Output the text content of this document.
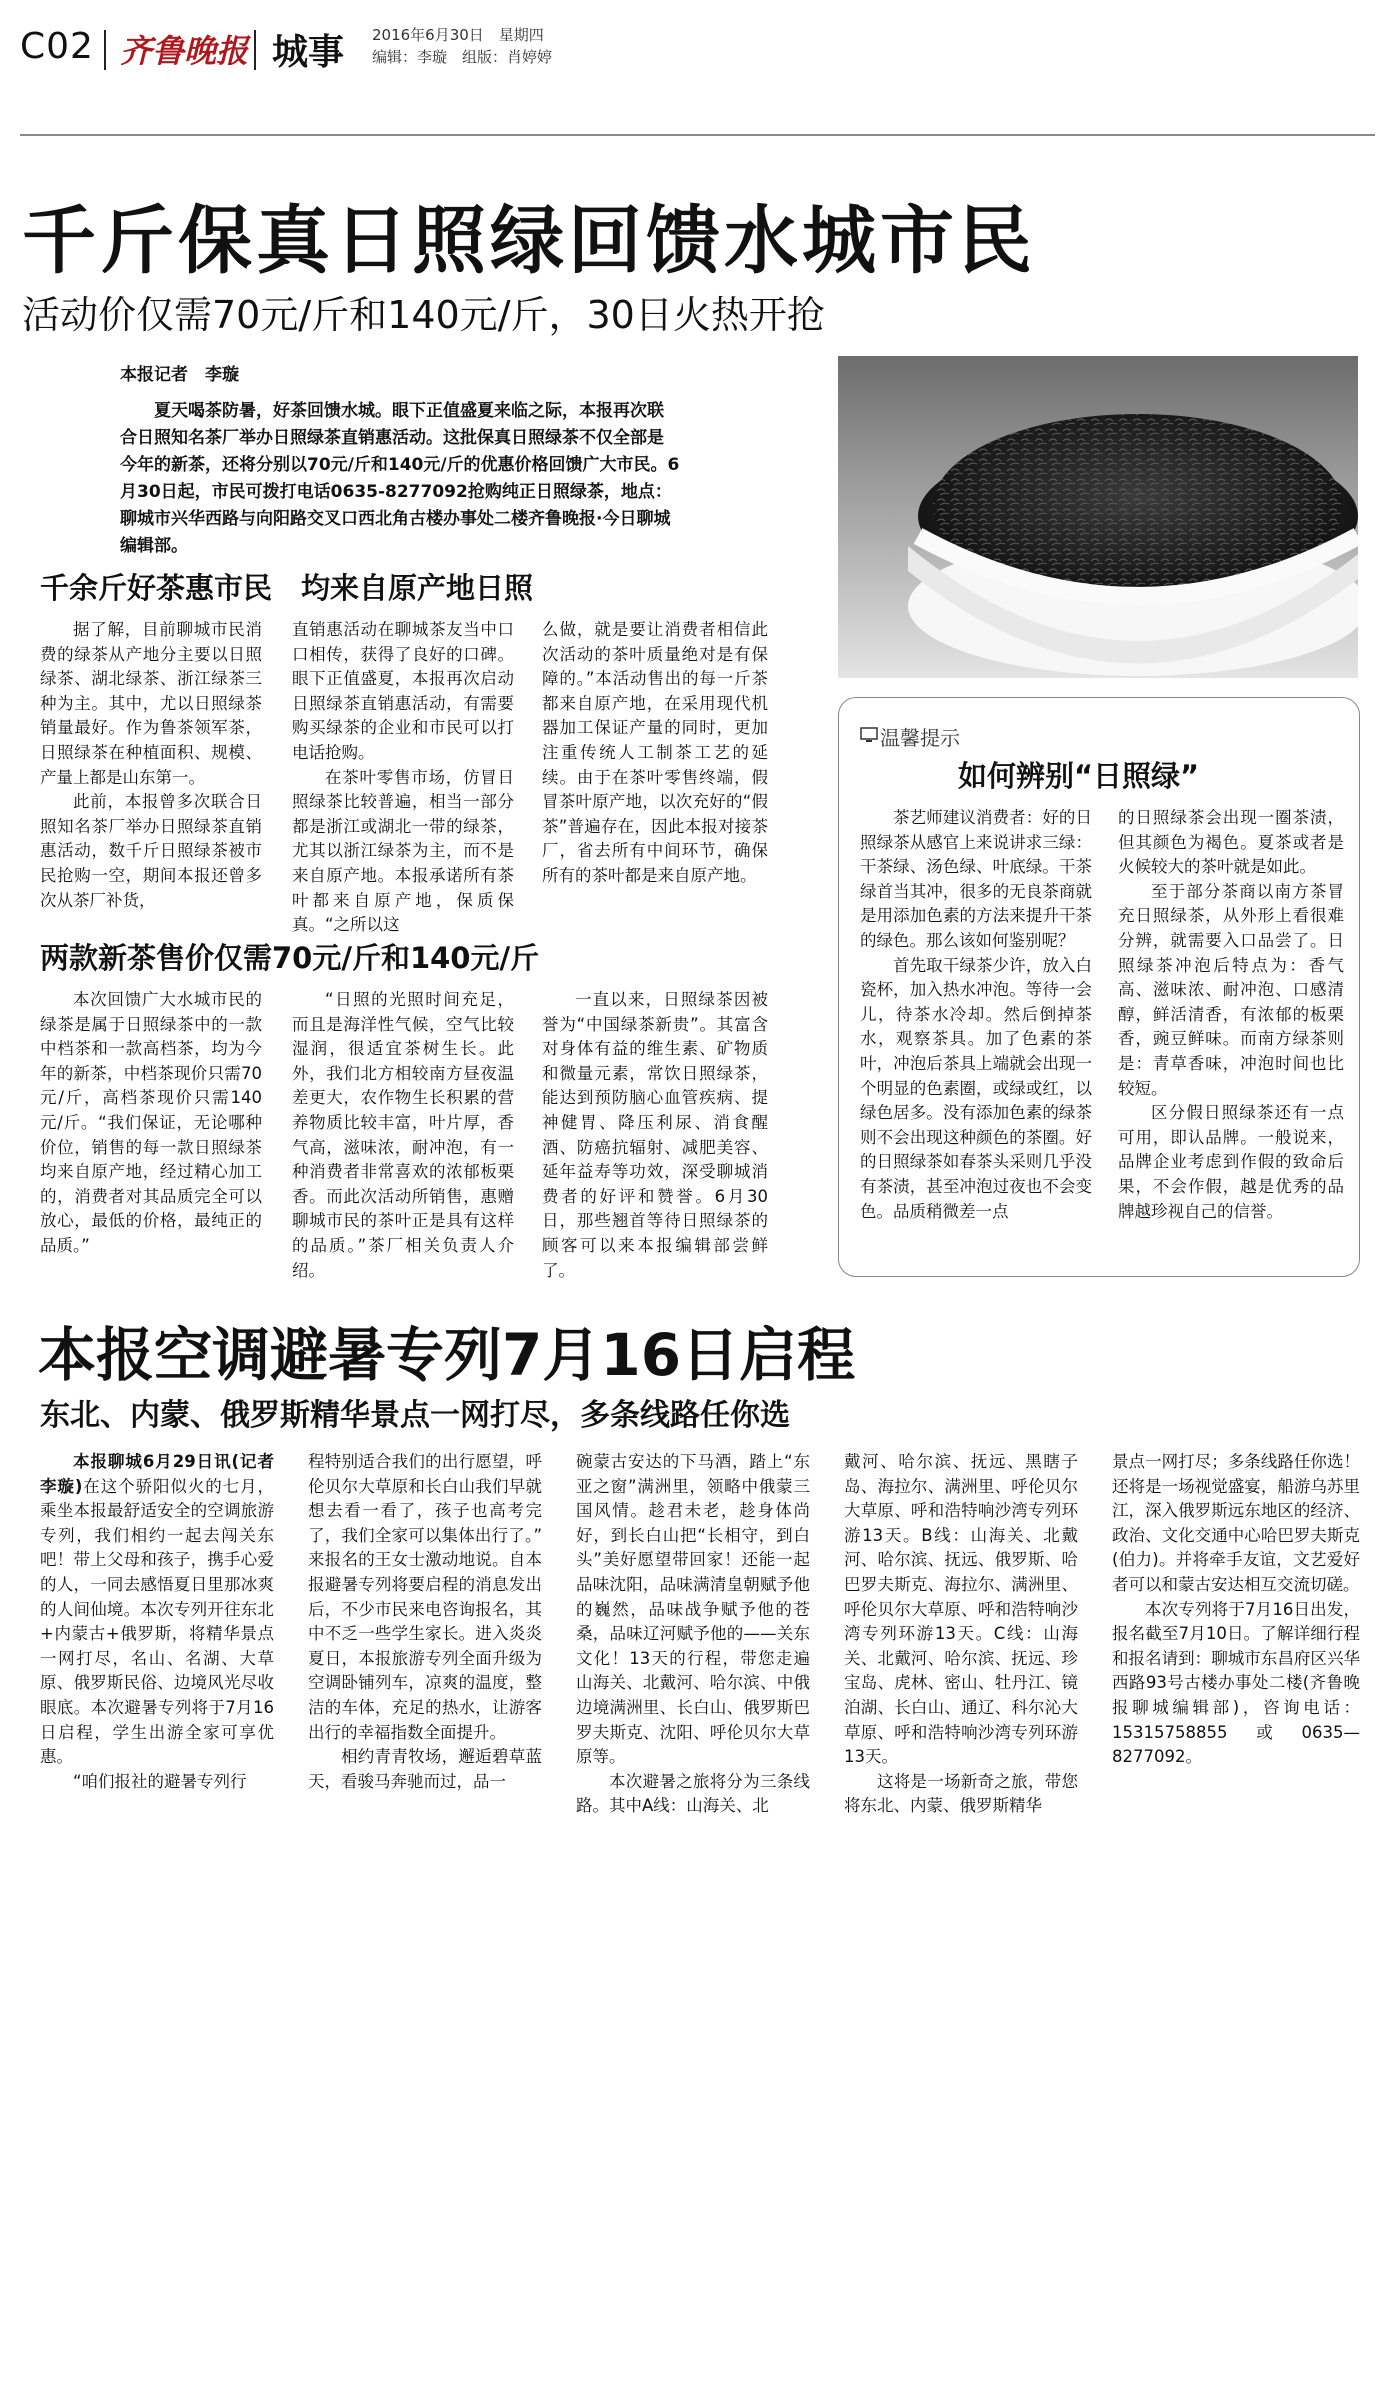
C02 齐鲁晚报 城事 2016年6月30日　星期四
编辑：李璇　组版：肖婷婷
千斤保真日照绿回馈水城市民
活动价仅需70元/斤和140元/斤，30日火热开抢
本报记者　李璇

夏天喝茶防暑，好茶回馈水城。眼下正值盛夏来临之际，本报再次联合日照知名茶厂举办日照绿茶直销惠活动。这批保真日照绿茶不仅全部是今年的新茶，还将分别以70元/斤和140元/斤的优惠价格回馈广大市民。6月30日起，市民可拨打电话0635-8277092抢购纯正日照绿茶，地点：聊城市兴华西路与向阳路交叉口西北角古楼办事处二楼齐鲁晚报·今日聊城编辑部。

千余斤好茶惠市民　均来自原产地日照

据了解，目前聊城市民消费的绿茶从产地分主要以日照绿茶、湖北绿茶、浙江绿茶三种为主。其中，尤以日照绿茶销量最好。作为鲁茶领军茶，日照绿茶在种植面积、规模、产量上都是山东第一。

此前，本报曾多次联合日照知名茶厂举办日照绿茶直销惠活动，数千斤日照绿茶被市民抢购一空，期间本报还曾多次从茶厂补货，

直销惠活动在聊城茶友当中口口相传，获得了良好的口碑。眼下正值盛夏，本报再次启动日照绿茶直销惠活动，有需要购买绿茶的企业和市民可以打电话抢购。

在茶叶零售市场，仿冒日照绿茶比较普遍，相当一部分都是浙江或湖北一带的绿茶，尤其以浙江绿茶为主，而不是来自原产地。本报承诺所有茶叶都来自原产地，保质保真。“之所以这

么做，就是要让消费者相信此次活动的茶叶质量绝对是有保障的。”本活动售出的每一斤茶都来自原产地，在采用现代机器加工保证产量的同时，更加注重传统人工制茶工艺的延续。由于在茶叶零售终端，假冒茶叶原产地，以次充好的“假茶”普遍存在，因此本报对接茶厂，省去所有中间环节，确保所有的茶叶都是来自原产地。

两款新茶售价仅需70元/斤和140元/斤

本次回馈广大水城市民的绿茶是属于日照绿茶中的一款中档茶和一款高档茶，均为今年的新茶，中档茶现价只需70元/斤，高档茶现价只需140元/斤。“我们保证，无论哪种价位，销售的每一款日照绿茶均来自原产地，经过精心加工的，消费者对其品质完全可以放心，最低的价格，最纯正的品质。”

“日照的光照时间充足，而且是海洋性气候，空气比较湿润，很适宜茶树生长。此外，我们北方相较南方昼夜温差更大，农作物生长积累的营养物质比较丰富，叶片厚，香气高，滋味浓，耐冲泡，有一种消费者非常喜欢的浓郁板栗香。而此次活动所销售，惠赠聊城市民的茶叶正是具有这样的品质。”茶厂相关负责人介绍。

一直以来，日照绿茶因被誉为“中国绿茶新贵”。其富含对身体有益的维生素、矿物质和微量元素，常饮日照绿茶，能达到预防脑心血管疾病、提神健胃、降压利尿、消食醒酒、防癌抗辐射、减肥美容、延年益寿等功效，深受聊城消费者的好评和赞誉。6月30日，那些翘首等待日照绿茶的顾客可以来本报编辑部尝鲜了。

温馨提示
如何辨别“日照绿”

茶艺师建议消费者：好的日照绿茶从感官上来说讲求三绿：干茶绿、汤色绿、叶底绿。干茶绿首当其冲，很多的无良茶商就是用添加色素的方法来提升干茶的绿色。那么该如何鉴别呢？

首先取干绿茶少许，放入白瓷杯，加入热水冲泡。等待一会儿，待茶水冷却。然后倒掉茶水，观察茶具。加了色素的茶叶，冲泡后茶具上端就会出现一个明显的色素圈，或绿或红，以绿色居多。没有添加色素的绿茶则不会出现这种颜色的茶圈。好的日照绿茶如春茶头采则几乎没有茶渍，甚至冲泡过夜也不会变色。品质稍微差一点

的日照绿茶会出现一圈茶渍，但其颜色为褐色。夏茶或者是火候较大的茶叶就是如此。

至于部分茶商以南方茶冒充日照绿茶，从外形上看很难分辨，就需要入口品尝了。日照绿茶冲泡后特点为：香气高、滋味浓、耐冲泡、口感清醇，鲜活清香，有浓郁的板栗香，豌豆鲜味。而南方绿茶则是：青草香味，冲泡时间也比较短。

区分假日照绿茶还有一点可用，即认品牌。一般说来，品牌企业考虑到作假的致命后果，不会作假，越是优秀的品牌越珍视自己的信誉。

本报空调避暑专列7月16日启程
东北、内蒙、俄罗斯精华景点一网打尽，多条线路任你选

本报聊城6月29日讯(记者　李璇)在这个骄阳似火的七月，乘坐本报最舒适安全的空调旅游专列，我们相约一起去闯关东吧！带上父母和孩子，携手心爱的人，一同去感悟夏日里那冰爽的人间仙境。本次专列开往东北+内蒙古+俄罗斯，将精华景点一网打尽，名山、名湖、大草原、俄罗斯民俗、边境风光尽收眼底。本次避暑专列将于7月16日启程，学生出游全家可享优惠。

“咱们报社的避暑专列行

程特别适合我们的出行愿望，呼伦贝尔大草原和长白山我们早就想去看一看了，孩子也高考完了，我们全家可以集体出行了。”　来报名的王女士激动地说。自本报避暑专列将要启程的消息发出后，不少市民来电咨询报名，其中不乏一些学生家长。进入炎炎夏日，本报旅游专列全面升级为空调卧铺列车，凉爽的温度，整洁的车体，充足的热水，让游客出行的幸福指数全面提升。

相约青青牧场，邂逅碧草蓝天，看骏马奔驰而过，品一

碗蒙古安达的下马酒，踏上“东亚之窗”满洲里，领略中俄蒙三国风情。趁君未老，趁身体尚好，到长白山把“长相守，到白头”美好愿望带回家！还能一起品味沈阳，品味满清皇朝赋予他的巍然，品味战争赋予他的苍桑，品味辽河赋予他的——关东文化！13天的行程，带您走遍山海关、北戴河、哈尔滨、中俄边境满洲里、长白山、俄罗斯巴罗夫斯克、沈阳、呼伦贝尔大草原等。

本次避暑之旅将分为三条线路。其中A线：山海关、北

戴河、哈尔滨、抚远、黑瞎子岛、海拉尔、满洲里、呼伦贝尔大草原、呼和浩特响沙湾专列环游13天。B线：山海关、北戴河、哈尔滨、抚远、俄罗斯、哈巴罗夫斯克、海拉尔、满洲里、呼伦贝尔大草原、呼和浩特响沙湾专列环游13天。C线：山海关、北戴河、哈尔滨、抚远、珍宝岛、虎林、密山、牡丹江、镜泊湖、长白山、通辽、科尔沁大草原、呼和浩特响沙湾专列环游13天。

这将是一场新奇之旅，带您将东北、内蒙、俄罗斯精华

景点一网打尽；多条线路任你选！还将是一场视觉盛宴，船游乌苏里江，深入俄罗斯远东地区的经济、政治、文化交通中心哈巴罗夫斯克(伯力)。并将牵手友谊，文艺爱好者可以和蒙古安达相互交流切磋。

本次专列将于7月16日出发，报名截至7月10日。了解详细行程和报名请到：聊城市东昌府区兴华西路93号古楼办事处二楼(齐鲁晚报聊城编辑部)，咨询电话：15315758855或0635—8277092。
